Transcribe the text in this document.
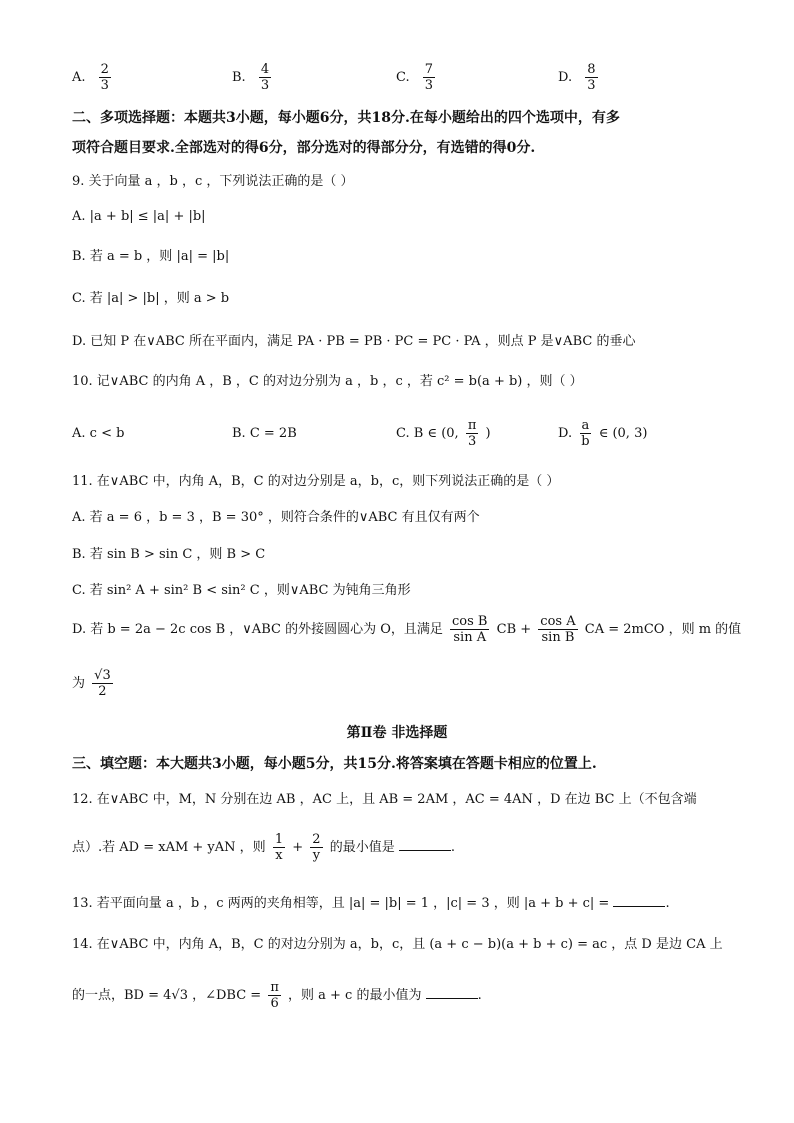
A. $\frac{2}{3}$	B. $\frac{4}{3}$	C. $\frac{7}{3}$	D. $\frac{8}{3}$
二、多项选择题：本题共3小题，每小题6分，共18分.在每小题给出的四个选项中，有多
项符合题目要求.全部选对的得6分，部分选对的得部分分，有选错的得0分.
9. 关于向量 a ，b ，c ，下列说法正确的是（ ）
A. |a + b| ≤ |a| + |b|
B. 若 a = b ，则 |a| = |b|
C. 若 |a| > |b| ，则 a > b
D. 已知 P 在∨ABC 所在平面内，满足 PA · PB = PB · PC = PC · PA ，则点 P 是∨ABC 的垂心
10. 记∨ABC 的内角 A ，B ，C 的对边分别为 a ，b ，c ，若 c² = b(a + b) ，则（ ）
A. c < b	B. C = 2B	C. B ∈ (0, $\frac{\pi}{3}$ )	D. $\frac{a}{b}$ ∈ (0, 3)
11. 在∨ABC 中，内角 A，B，C 的对边分别是 a，b，c，则下列说法正确的是（ ）
A. 若 a = 6 ，b = 3 ，B = 30° ，则符合条件的∨ABC 有且仅有两个
B. 若 sin B > sin C ，则 B > C
C. 若 sin² A + sin² B < sin² C ，则∨ABC 为钝角三角形
D. 若 b = 2a − 2c cos B ，∨ABC 的外接圆圆心为 O，且满足 $\frac{\text{cos B}}{\text{sin A}}$ CB + $\frac{\text{cos A}}{\text{sin B}}$ CA = 2mCO ，则 m 的值
为 $\frac{√3}{2}$
第Ⅱ卷 非选择题
三、填空题：本大题共3小题，每小题5分，共15分.将答案填在答题卡相应的位置上.
12. 在∨ABC 中，M，N 分别在边 AB ，AC 上，且 AB = 2AM ，AC = 4AN ，D 在边 BC 上（不包含端
点）.若 AD = xAM + yAN ，则 $\frac{1}{x} + \frac{2}{y}$ 的最小值是	.
13. 若平面向量 a ，b ，c 两两的夹角相等，且 |a| = |b| = 1 ，|c| = 3 ，则 |a + b + c| =	.
14. 在∨ABC 中，内角 A，B，C 的对边分别为 a，b，c，且 (a + c − b)(a + b + c) = ac ，点 D 是边 CA 上
的一点，BD = 4√3 ，∠DBC = $\frac{\pi}{6}$ ，则 a + c 的最小值为	.
